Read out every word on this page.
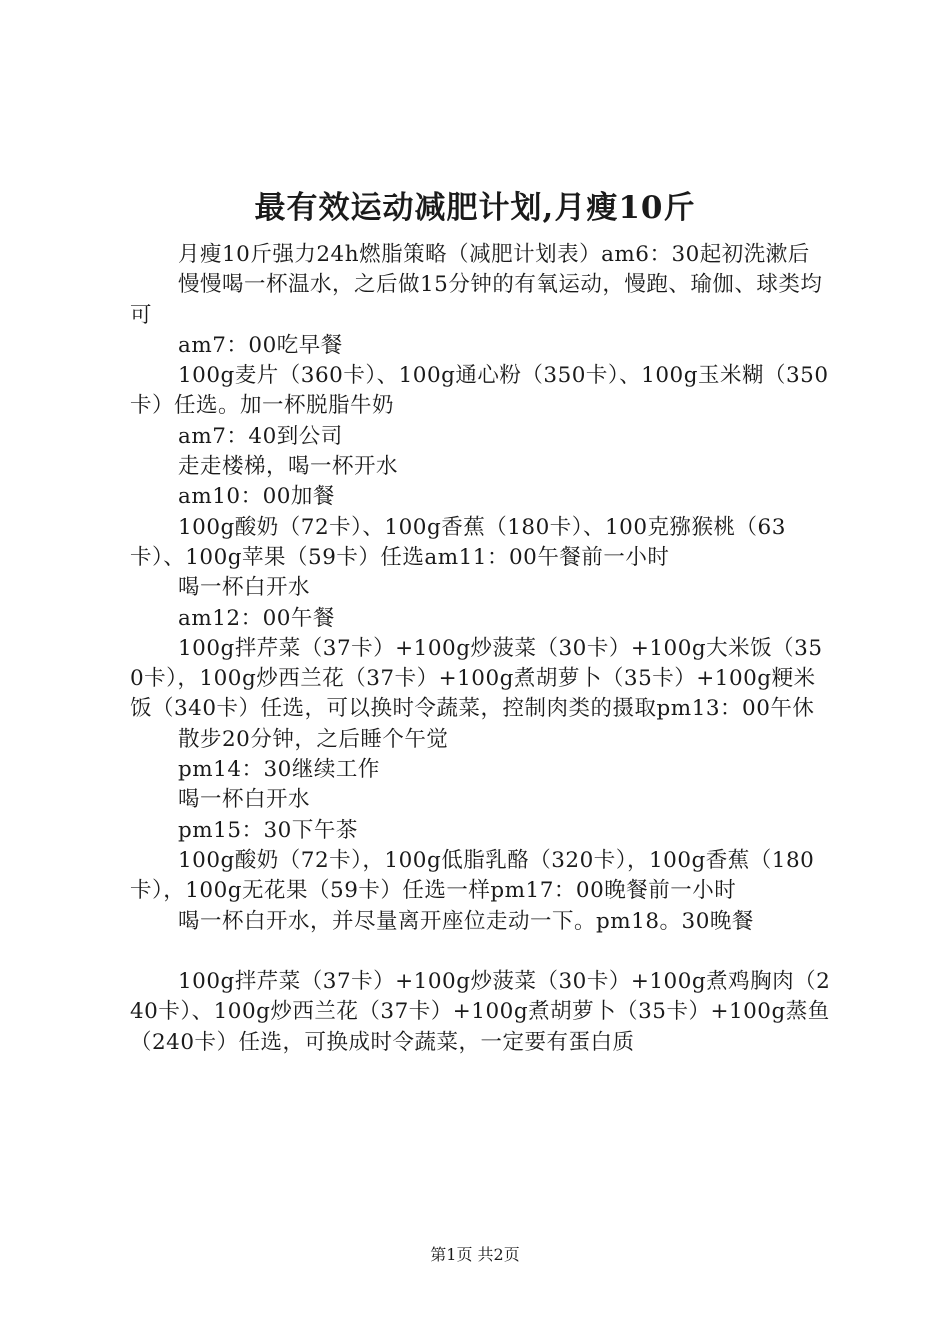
最有效运动减肥计划,月瘦10斤

月瘦10斤强力24h燃脂策略（减肥计划表）am6：30起初洗漱后

慢慢喝一杯温水，之后做15分钟的有氧运动，慢跑、瑜伽、球类均可

am7：00吃早餐

100g麦片（360卡）、100g通心粉（350卡）、100g玉米糊（350卡）任选。加一杯脱脂牛奶

am7：40到公司

走走楼梯，喝一杯开水

am10：00加餐

100g酸奶（72卡）、100g香蕉（180卡）、100克猕猴桃（63卡）、100g苹果（59卡）任选am11：00午餐前一小时

喝一杯白开水

am12：00午餐

100g拌芹菜（37卡）+100g炒菠菜（30卡）+100g大米饭（350卡），100g炒西兰花（37卡）+100g煮胡萝卜（35卡）+100g粳米饭（340卡）任选，可以换时令蔬菜，控制肉类的摄取pm13：00午休

散步20分钟，之后睡个午觉

pm14：30继续工作

喝一杯白开水

pm15：30下午茶

100g酸奶（72卡），100g低脂乳酪（320卡），100g香蕉（180卡），100g无花果（59卡）任选一样pm17：00晚餐前一小时

喝一杯白开水，并尽量离开座位走动一下。pm18。30晚餐

100g拌芹菜（37卡）+100g炒菠菜（30卡）+100g煮鸡胸肉（240卡）、100g炒西兰花（37卡）+100g煮胡萝卜（35卡）+100g蒸鱼（240卡）任选，可换成时令蔬菜，一定要有蛋白质

第1页 共2页
